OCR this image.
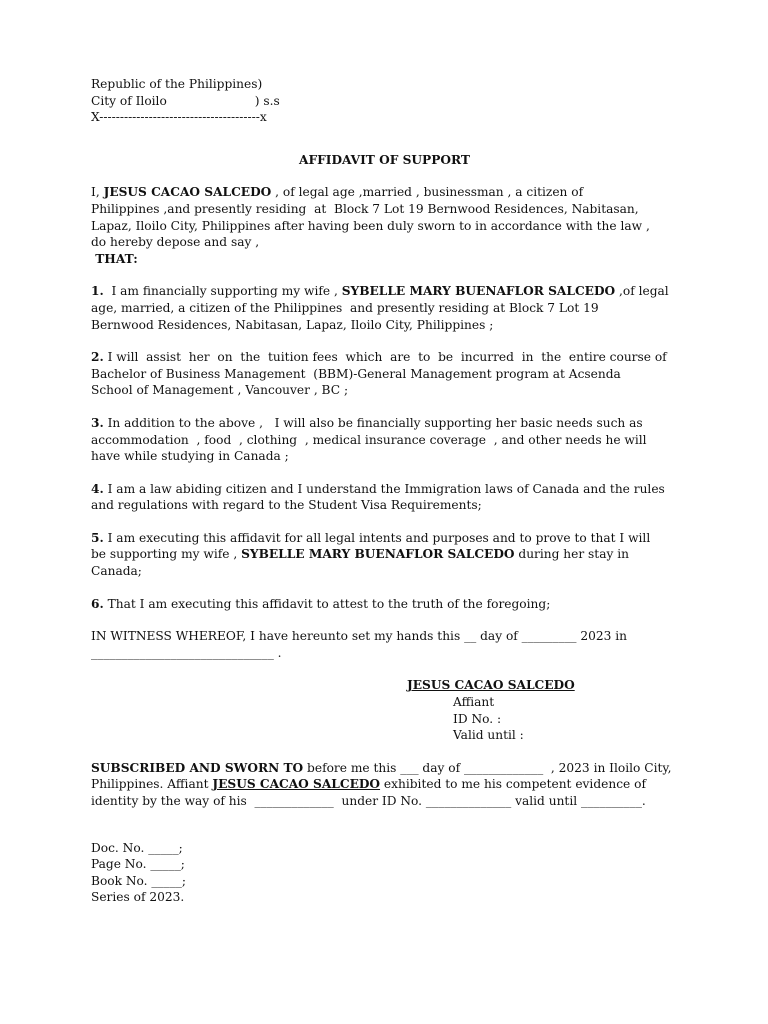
Republic of the Philippines)
City of Iloilo	) s.s
X---------------------------------------x
AFFIDAVIT OF SUPPORT
I, JESUS CACAO SALCEDO , of legal age ,married , businessman , a citizen of
Philippines ,and presently residing  at  Block 7 Lot 19 Bernwood Residences, Nabitasan,
Lapaz, Iloilo City, Philippines after having been duly sworn to in accordance with the law ,
do hereby depose and say ,
THAT:
1.  I am financially supporting my wife , SYBELLE MARY BUENAFLOR SALCEDO ,of legal
age, married, a citizen of the Philippines  and presently residing at Block 7 Lot 19
Bernwood Residences, Nabitasan, Lapaz, Iloilo City, Philippines ;
2. I will  assist  her  on  the  tuition fees  which  are  to  be  incurred  in  the  entire course of
Bachelor of Business Management  (BBM)-General Management program at Acsenda
School of Management , Vancouver , BC ;
3. In addition to the above ,   I will also be financially supporting her basic needs such as
accommodation  , food  , clothing  , medical insurance coverage  , and other needs he will
have while studying in Canada ;
4. I am a law abiding citizen and I understand the Immigration laws of Canada and the rules
and regulations with regard to the Student Visa Requirements;
5. I am executing this affidavit for all legal intents and purposes and to prove to that I will
be supporting my wife , SYBELLE MARY BUENAFLOR SALCEDO during her stay in
Canada;
6. That I am executing this affidavit to attest to the truth of the foregoing;
IN WITNESS WHEREOF, I have hereunto set my hands this __ day of _________ 2023 in
______________________________ .
JESUS CACAO SALCEDO
Affiant
ID No. :
Valid until :
SUBSCRIBED AND SWORN TO before me this ___ day of _____________  , 2023 in Iloilo City,
Philippines. Affiant JESUS CACAO SALCEDO exhibited to me his competent evidence of
identity by the way of his  _____________  under ID No. ______________ valid until __________.
Doc. No. _____;
Page No. _____;
Book No. _____;
Series of 2023.
